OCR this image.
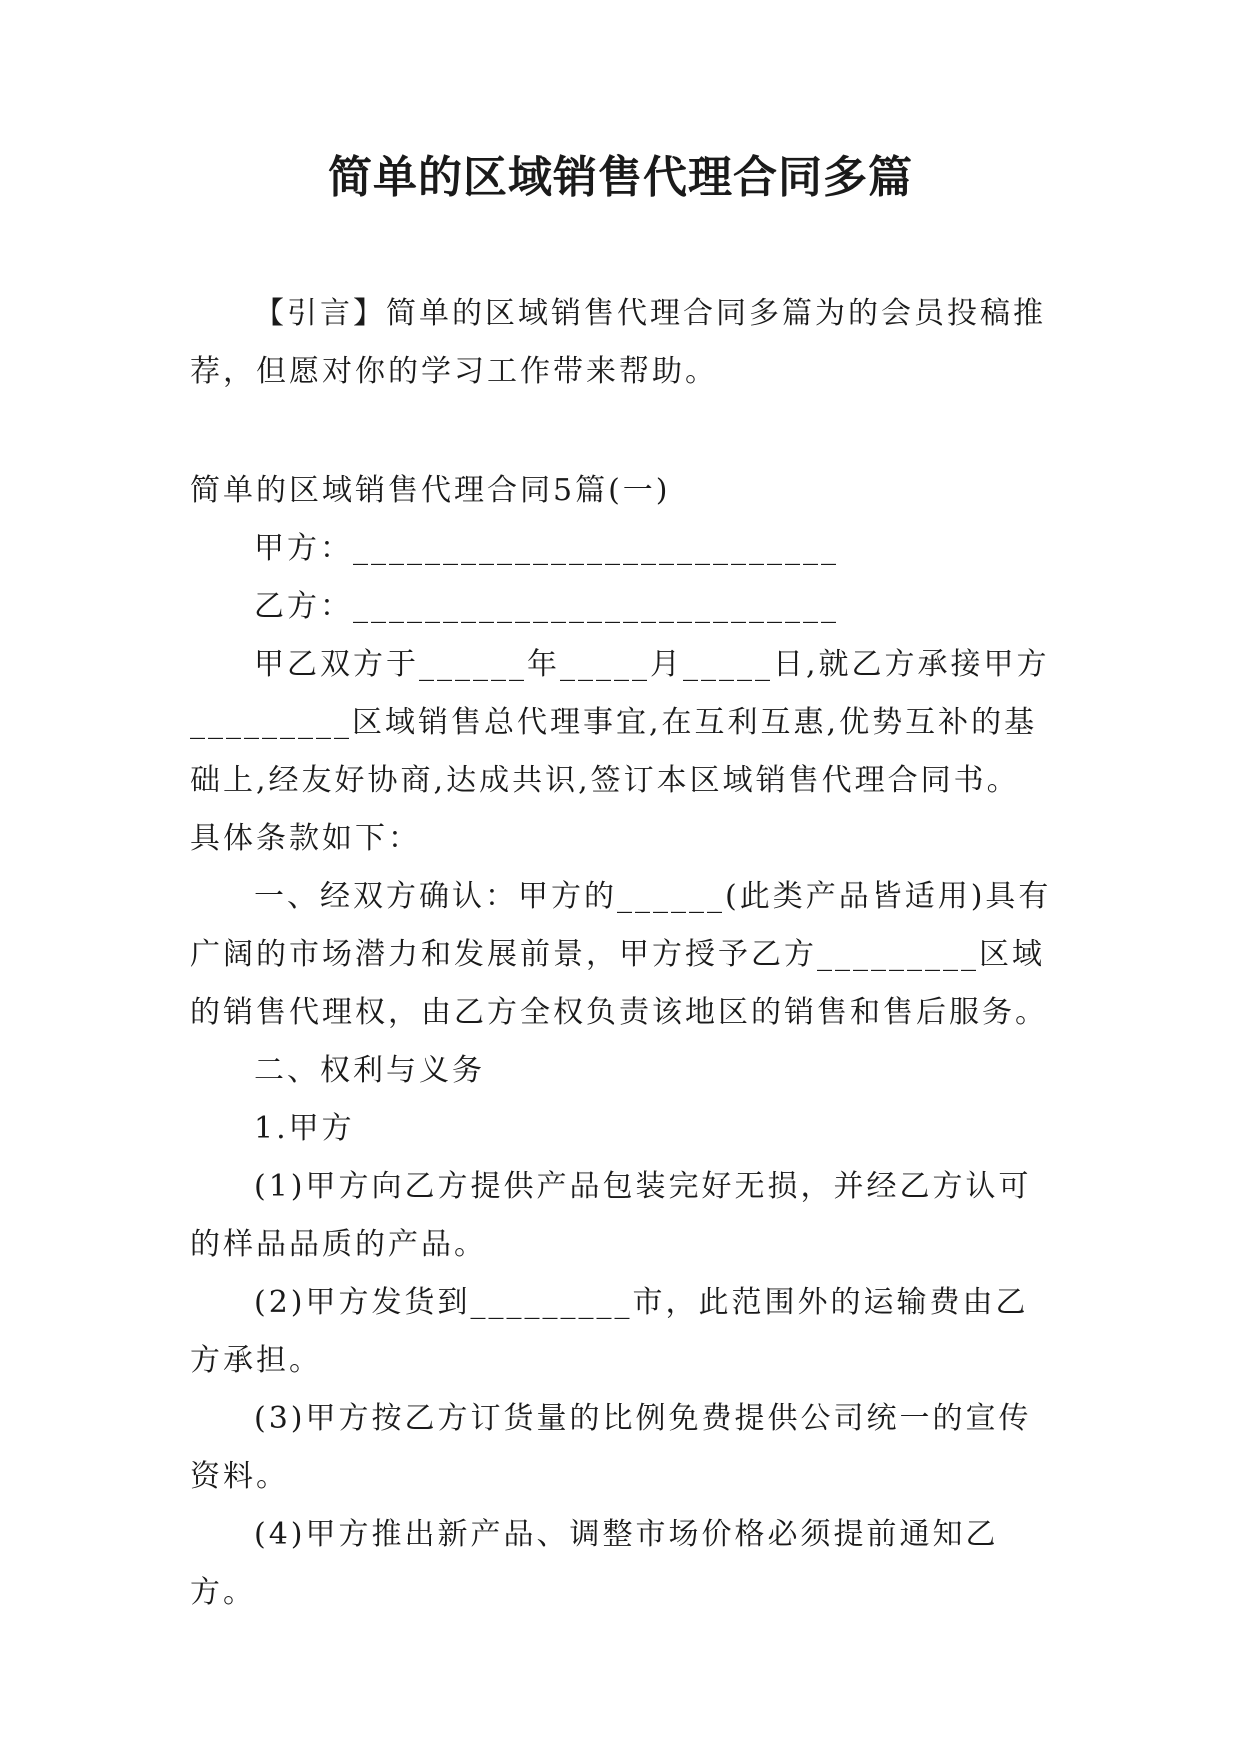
简单的区域销售代理合同多篇

【引言】简单的区域销售代理合同多篇为的会员投稿推荐，但愿对你的学习工作带来帮助。

简单的区域销售代理合同5篇(一)

甲方：___________________________

乙方：___________________________

甲乙双方于______年_____月_____日,就乙方承接甲方_________区域销售总代理事宜,在互利互惠,优势互补的基础上,经友好协商,达成共识,签订本区域销售代理合同书。具体条款如下：

一、经双方确认：甲方的______(此类产品皆适用)具有广阔的市场潜力和发展前景，甲方授予乙方_________区域的销售代理权，由乙方全权负责该地区的销售和售后服务。

二、权利与义务

1.甲方

(1)甲方向乙方提供产品包装完好无损，并经乙方认可的样品品质的产品。

(2)甲方发货到_________市，此范围外的运输费由乙方承担。

(3)甲方按乙方订货量的比例免费提供公司统一的宣传资料。

(4)甲方推出新产品、调整市场价格必须提前通知乙方。
